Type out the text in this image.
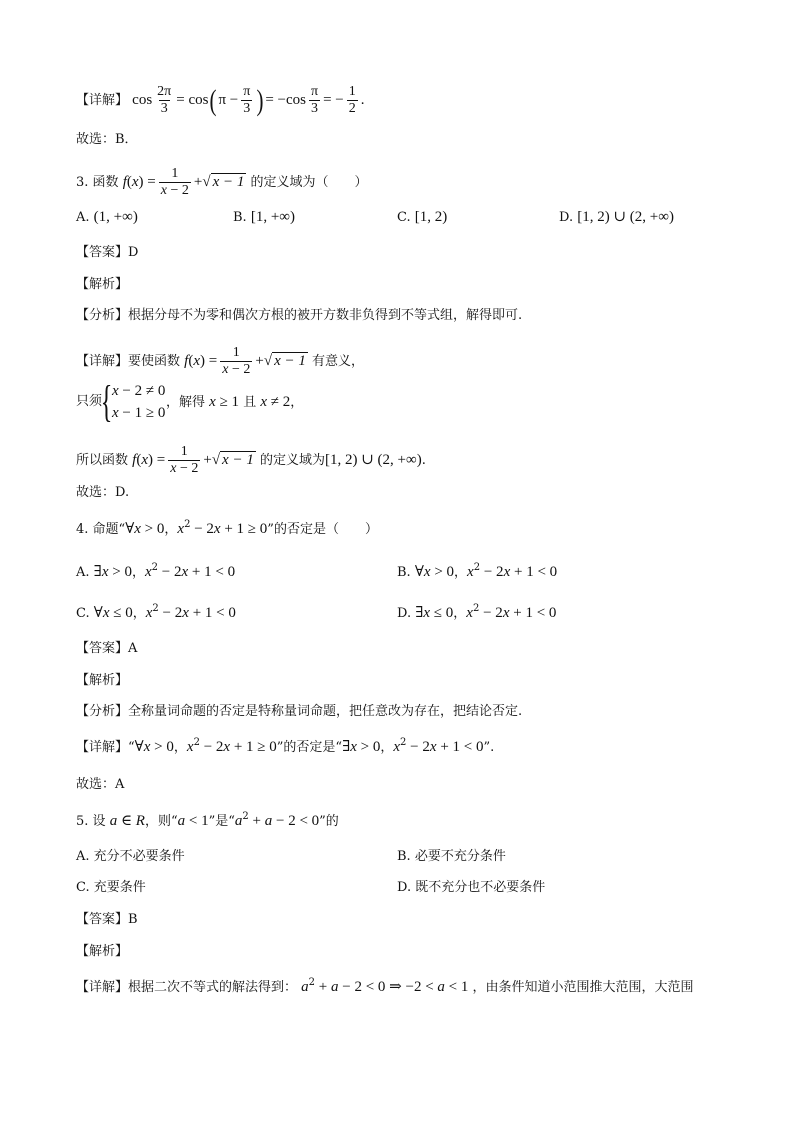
【详解】 $\cos \frac{2\pi}{3} = \cos$( $\pi - \frac{\pi}{3}$ ) = $-\cos \frac{\pi}{3}$ = − $\frac{1}{2}$ .
故选：B．
3. 函数 $f(x) = \frac{1}{x - 2}$ +√ x − 1 的定义域为（　　）
A. (1, +∞)	B. [1, +∞)	C. [1, 2)	D. [1, 2) ∪ (2, +∞)
【答案】D
【解析】
【分析】根据分母不为零和偶次方根的被开方数非负得到不等式组，解得即可.
【详解】要使函数 $f(x) = \frac{1}{x - 2}$ +√ x − 1 有意义，
只须
{ x − 2 ≠ 0
x − 1 ≥ 0
，解得 x ≥ 1 且 x ≠ 2，
所以函数 $f(x) = \frac{1}{x - 2}$ +√ x − 1 的定义域为[1, 2) ∪ (2, +∞).
故选：D.
4. 命题“∀x > 0，$x^2 - 2x + 1 \ge 0$”的否定是（　　）
A. ∃x > 0，$x^2 - 2x + 1 < 0$	B. ∀x > 0，$x^2 - 2x + 1 < 0$
C. ∀x ≤ 0，$x^2 - 2x + 1 < 0$	D. ∃x ≤ 0，$x^2 - 2x + 1 < 0$
【答案】A
【解析】
【分析】全称量词命题的否定是特称量词命题，把任意改为存在，把结论否定.
【详解】“∀x > 0，$x^2 - 2x + 1 \ge 0$”的否定是“∃x > 0，$x^2 - 2x + 1 < 0$”.
故选：A
5. 设 a ∈ R，则“a < 1”是“$a^2 + a - 2 < 0$”的
A. 充分不必要条件	B. 必要不充分条件
C. 充要条件	D. 既不充分也不必要条件
【答案】B
【解析】
【详解】根据二次不等式的解法得到： $a^2 + a - 2 < 0$ ⇒ −2 < a < 1 ，由条件知道小范围推大范围，大范围
